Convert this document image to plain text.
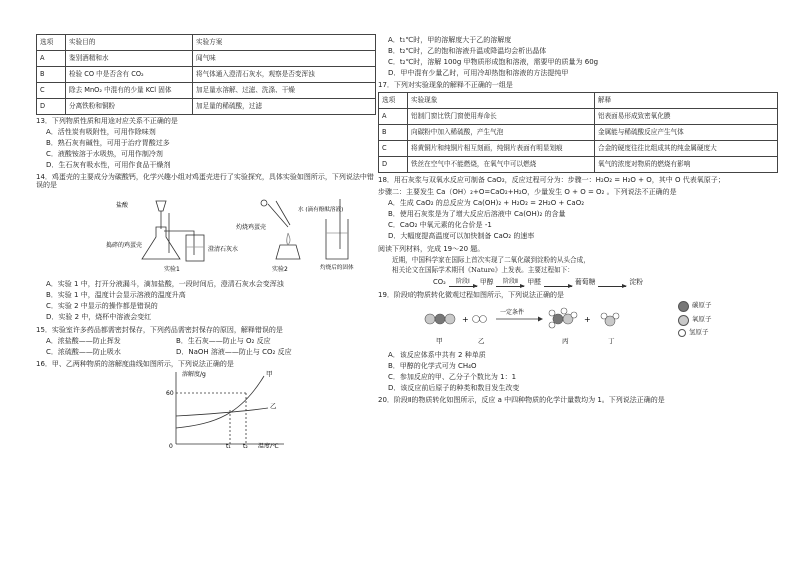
选项	实验目的	实验方案
A	鉴别酒精和水	闻气味
B	检验 CO 中是否含有 CO₂	将气体通入澄清石灰水，观察是否变浑浊
C	除去 MnO₂ 中混有的少量 KCl 固体	加足量水溶解、过滤、洗涤、干燥
D	分离铁粉和铜粉	加足量的稀硫酸，过滤
13．下列物质性质和用途对应关系不正确的是
A．活性炭有吸附性，可用作除味剂
B．熟石灰有碱性，可用于治疗胃酸过多
C．液酸铵溶于水吸热，可用作制冷剂
D．生石灰有吸水性，可用作食品干燥剂
14．鸡蛋壳的主要成分为碳酸钙，化学兴趣小组对鸡蛋壳进行了实验探究，具体实验如图所示，下列说法中错
误的是
盐酸
捣碎的鸡蛋壳
澄清石灰水
实验1
灼烧鸡蛋壳
水 (滴有酚酞溶液)
灼烧后的固体
实验2
A．实验 1 中，打开分液漏斗，滴加盐酸，一段时间后，澄清石灰水会变浑浊
B．实验 1 中，温度计会显示溶液的温度升高
C．实验 2 中显示的操作都是错误的
D．实验 2 中，烧杯中溶液会变红
15．实验室许多药品都需密封保存，下列药品需密封保存的原因，解释错误的是
A．浓盐酸——防止挥发	B．生石灰——防止与 O₂ 反应
C．浓硫酸——防止吸水	D．NaOH 溶液——防止与 CO₂ 反应
16．甲、乙两种物质的溶解度曲线如图所示，下列说法正确的是
溶解度/g	甲
乙
60
0	t₁ t₂ 温度/℃
A．t₁℃时，甲的溶解度大于乙的溶解度
B．t₂℃时，乙的饱和溶液升温或降温均会析出晶体
C．t₂℃时，溶解 100g 甲物质形成饱和溶液，需要甲的质量为 60g
D．甲中混有少量乙时，可用冷却热饱和溶液的方法提纯甲
17．下列对实验现象的解释不正确的一组是
选项	实验现象	解释
A	铝制门窗比铁门窗使用寿命长	铝表面易形成致密氧化膜
B	向碳粉中加入稀硫酸，产生气泡	金属能与稀硫酸反应产生气体
C	将黄铜片和纯铜片相互刻画，纯铜片表面有明显划痕	合金的硬度往往比组成其的纯金属硬度大
D	铁丝在空气中不能燃烧，在氧气中可以燃烧	氧气的浓度对物质的燃烧有影响
18．用石灰浆与双氧水反应可制备 CaO₂，反应过程可分为：步骤一：H₂O₂ = H₂O + O，其中 O 代表氧原子；
步骤二：主要发生 Ca（OH）₂+O=CaO₂+H₂O，少量发生 O + O = O₂ 。下列说法不正确的是
A．生成 CaO₂ 的总反应为 Ca(OH)₂ + H₂O₂ = 2H₂O + CaO₂
B．使用石灰浆是为了增大反应后溶液中 Ca(OH)₂ 的含量
C．CaO₂ 中氧元素的化合价是 -1
D．大幅度提高温度可以加快制备 CaO₂ 的速率
阅读下列材料，完成 19～20 题。
近期，中国科学家在国际上首次实现了二氧化碳到淀粉的从头合成，
相关论文在国际学术期刊《Nature》上发表。主要过程如下：
CO₂ 阶段Ⅰ 甲醇 阶段Ⅱ 甲醛
	葡萄糖
	淀粉
19．阶段Ⅰ的物质转化微观过程如图所示，下列说法正确的是
+	+
一定条件
甲	乙	丙	丁
碳原子
氧原子
氢原子
A．该反应体系中共有 2 种单质
B．甲醇的化学式可为 CH₄O
C．参加反应的甲、乙分子个数比为 1：1
D．该反应前后原子的种类和数目发生改变
20．阶段Ⅱ的物质转化如图所示，反应 a 中四种物质的化学计量数均为 1。下列说法正确的是
